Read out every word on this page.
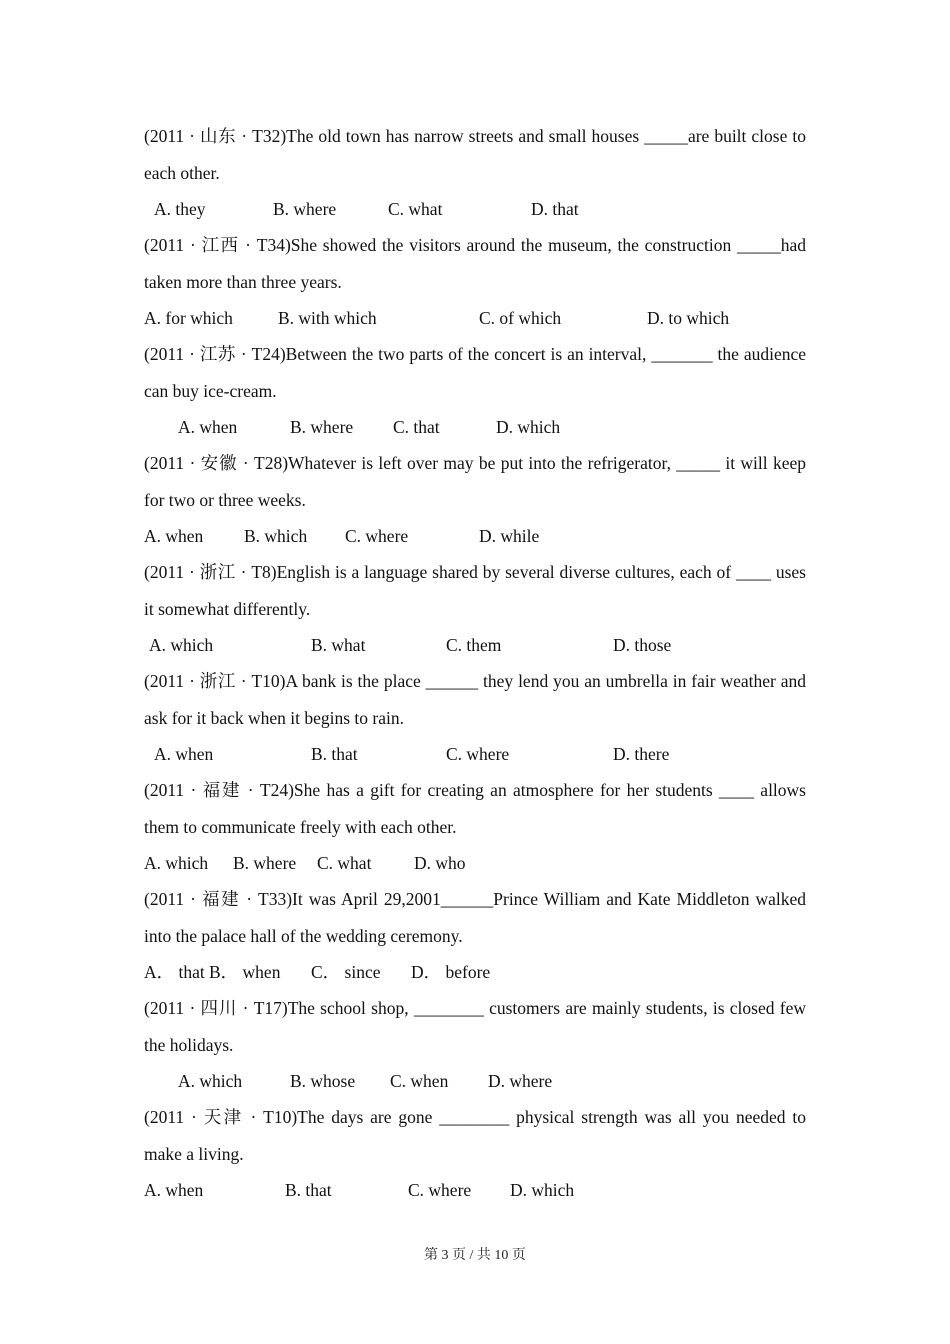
(2011 · 山东 · T32)The old town has narrow streets and small houses _____are built close to each other.
A. they	B. where	C. what	D. that
(2011 · 江西 · T34)She showed the visitors around the museum, the construction _____had taken more than three years.
A. for which	B. with which	C. of which	D. to which
(2011 · 江苏 · T24)Between the two parts of the concert is an interval, _______ the audience can buy ice-cream.
A. when	B. where C. that	D. which
(2011 · 安徽 · T28)Whatever is left over may be put into the refrigerator, _____ it will keep for two or three weeks.
A. when B. which C. where	D. while
(2011 · 浙江 · T8)English is a language shared by several diverse cultures, each of ____ uses it somewhat differently.
A. which	B. what	C. them	D. those
(2011 · 浙江 · T10)A bank is the place ______ they lend you an umbrella in fair weather and ask for it back when it begins to rain.
A. when	B. that	C. where	D. there
(2011 · 福建 · T24)She has a gift for creating an atmosphere for her students ____ allows them to communicate freely with each other.
A. which B. where C. what D. who
(2011 · 福建 · T33)It was April 29,2001______Prince William and Kate Middleton walked into the palace hall of the wedding ceremony.
A． that B． when C． since D． before
(2011 · 四川 · T17)The school shop, ________ customers are mainly students, is closed few the holidays.
A. which	B. whose C. when D. where
(2011 · 天津 · T10)The days are gone ________ physical strength was all you needed to make a living.
A. when	B. that	C. where D. which
第 3 页 / 共 10 页
